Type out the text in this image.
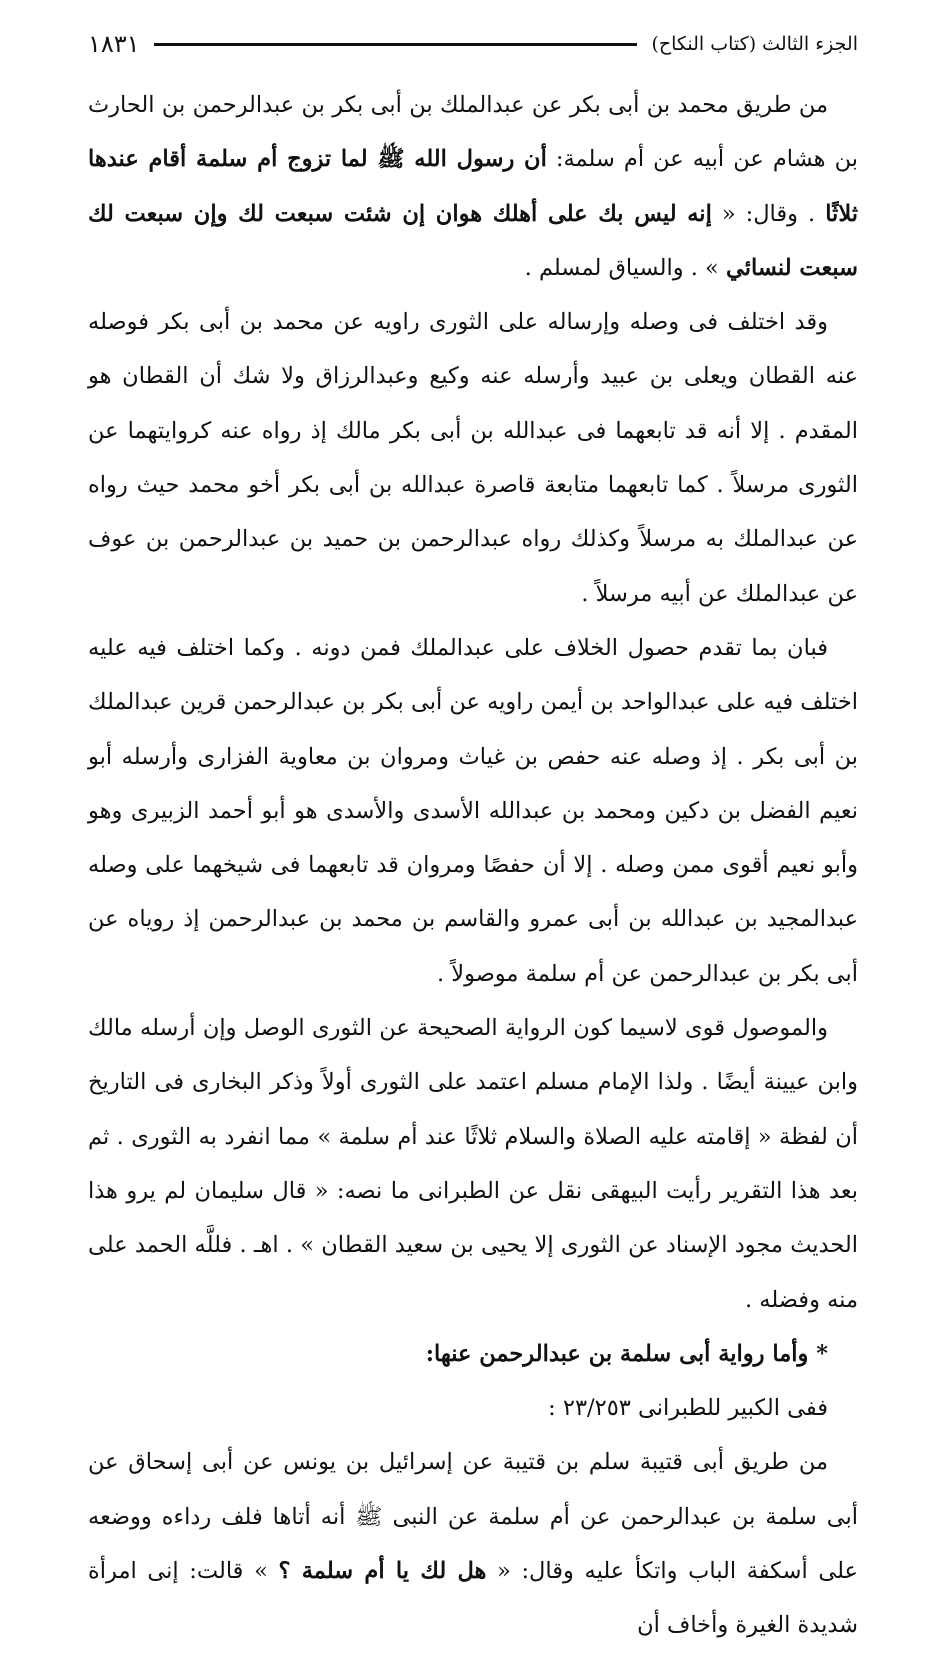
الجزء الثالث (كتاب النكاح)
١٨٣١

من طريق محمد بن أبى بكر عن عبدالملك بن أبى بكر بن عبدالرحمن بن الحارث بن هشام عن أبيه عن أم سلمة: أن رسول الله ﷺ لما تزوج أم سلمة أقام عندها ثلاثًا . وقال: « إنه ليس بك على أهلك هوان إن شئت سبعت لك وإن سبعت لك سبعت لنسائي » . والسياق لمسلم .

وقد اختلف فى وصله وإرساله على الثورى راويه عن محمد بن أبى بكر فوصله عنه القطان ويعلى بن عبيد وأرسله عنه وكيع وعبدالرزاق ولا شك أن القطان هو المقدم . إلا أنه قد تابعهما فى عبدالله بن أبى بكر مالك إذ رواه عنه كروايتهما عن الثورى مرسلاً . كما تابعهما متابعة قاصرة عبدالله بن أبى بكر أخو محمد حيث رواه عن عبدالملك به مرسلاً وكذلك رواه عبدالرحمن بن حميد بن عبدالرحمن بن عوف عن عبدالملك عن أبيه مرسلاً .

فبان بما تقدم حصول الخلاف على عبدالملك فمن دونه . وكما اختلف فيه عليه اختلف فيه على عبدالواحد بن أيمن راويه عن أبى بكر بن عبدالرحمن قرين عبدالملك بن أبى بكر . إذ وصله عنه حفص بن غياث ومروان بن معاوية الفزارى وأرسله أبو نعيم الفضل بن دكين ومحمد بن عبدالله الأسدى والأسدى هو أبو أحمد الزبيرى وهو وأبو نعيم أقوى ممن وصله . إلا أن حفصًا ومروان قد تابعهما فى شيخهما على وصله عبدالمجيد بن عبدالله بن أبى عمرو والقاسم بن محمد بن عبدالرحمن إذ روياه عن أبى بكر بن عبدالرحمن عن أم سلمة موصولاً .

والموصول قوى لاسيما كون الرواية الصحيحة عن الثورى الوصل وإن أرسله مالك وابن عيينة أيضًا . ولذا الإمام مسلم اعتمد على الثورى أولاً وذكر البخارى فى التاريخ أن لفظة « إقامته عليه الصلاة والسلام ثلاثًا عند أم سلمة » مما انفرد به الثورى . ثم بعد هذا التقرير رأيت البيهقى نقل عن الطبرانى ما نصه: « قال سليمان لم يرو هذا الحديث مجود الإسناد عن الثورى إلا يحيى بن سعيد القطان » . اهـ . فللَّه الحمد على منه وفضله .

* وأما رواية أبى سلمة بن عبدالرحمن عنها:

ففى الكبير للطبرانى ٢٣/٢٥٣ :

من طريق أبى قتيبة سلم بن قتيبة عن إسرائيل بن يونس عن أبى إسحاق عن أبى سلمة بن عبدالرحمن عن أم سلمة عن النبى ﷺ أنه أتاها فلف رداءه ووضعه على أسكفة الباب واتكأ عليه وقال: « هل لك يا أم سلمة ؟ » قالت: إنى امرأة شديدة الغيرة وأخاف أن
